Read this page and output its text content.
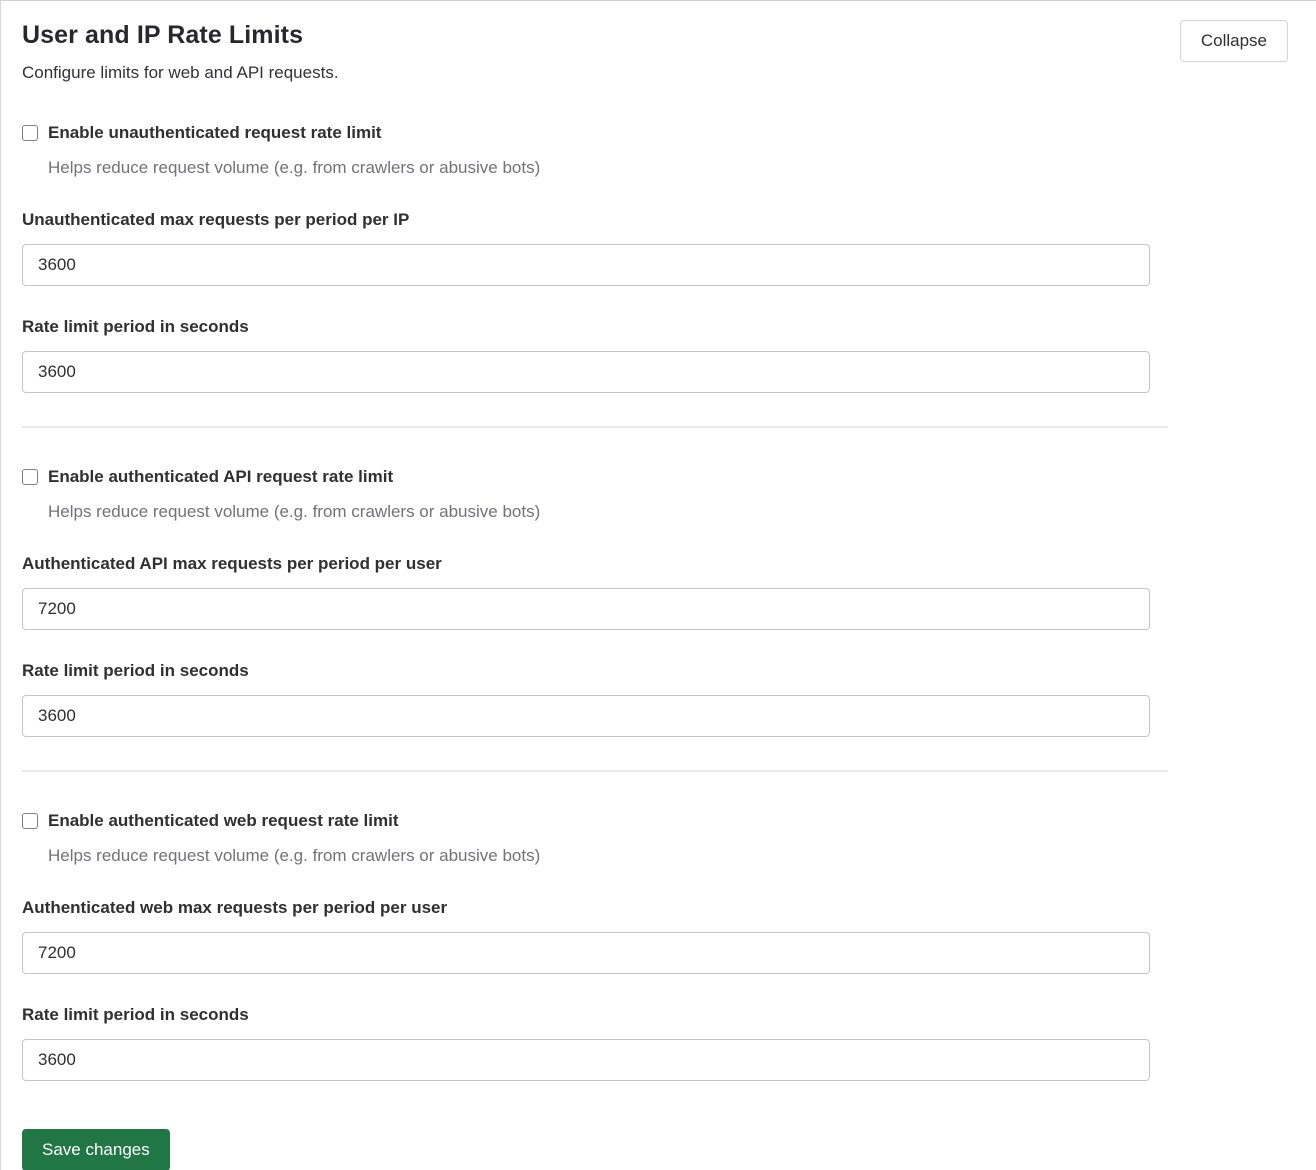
User and IP Rate Limits

Configure limits for web and API requests.

Collapse
Enable unauthenticated request rate limit
Helps reduce request volume (e.g. from crawlers or abusive bots)
Unauthenticated max requests per period per IP
3600
Rate limit period in seconds
3600
Enable authenticated API request rate limit
Helps reduce request volume (e.g. from crawlers or abusive bots)
Authenticated API max requests per period per user
7200
Rate limit period in seconds
3600
Enable authenticated web request rate limit
Helps reduce request volume (e.g. from crawlers or abusive bots)
Authenticated web max requests per period per user
7200
Rate limit period in seconds
3600
Save changes
